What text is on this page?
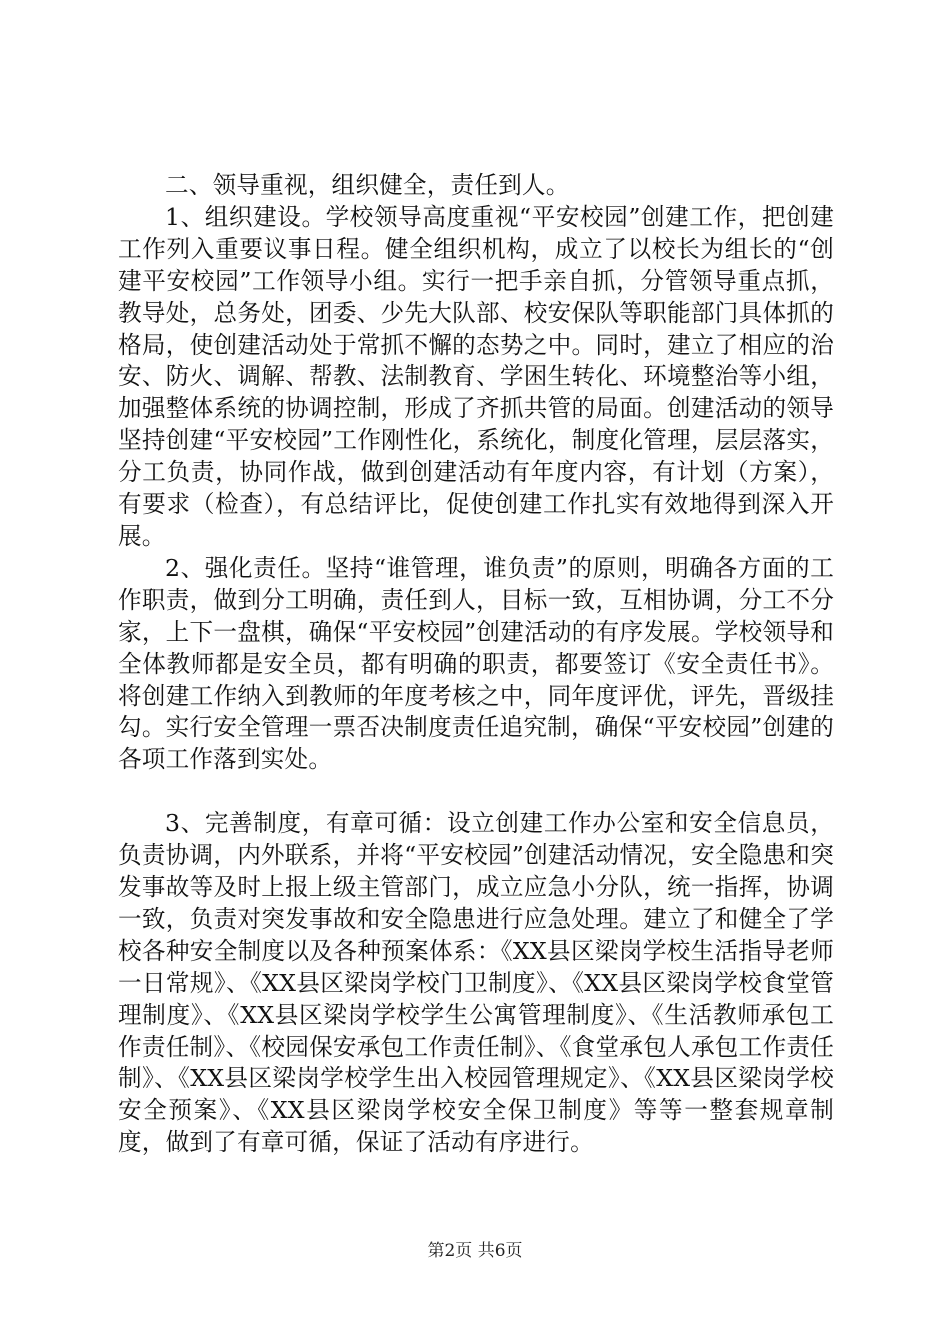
二、领导重视，组织健全，责任到人。

1、组织建设。学校领导高度重视“平安校园”创建工作，把创建工作列入重要议事日程。健全组织机构，成立了以校长为组长的“创建平安校园”工作领导小组。实行一把手亲自抓，分管领导重点抓，教导处，总务处，团委、少先大队部、校安保队等职能部门具体抓的格局，使创建活动处于常抓不懈的态势之中。同时，建立了相应的治安、防火、调解、帮教、法制教育、学困生转化、环境整治等小组，加强整体系统的协调控制，形成了齐抓共管的局面。创建活动的领导坚持创建“平安校园”工作刚性化，系统化，制度化管理，层层落实，分工负责，协同作战，做到创建活动有年度内容，有计划（方案），有要求（检查），有总结评比，促使创建工作扎实有效地得到深入开展。

2、强化责任。坚持“谁管理，谁负责”的原则，明确各方面的工作职责，做到分工明确，责任到人，目标一致，互相协调，分工不分家，上下一盘棋，确保“平安校园”创建活动的有序发展。学校领导和全体教师都是安全员，都有明确的职责，都要签订《安全责任书》。将创建工作纳入到教师的年度考核之中，同年度评优，评先，晋级挂勾。实行安全管理一票否决制度责任追究制，确保“平安校园”创建的各项工作落到实处。

3、完善制度，有章可循：设立创建工作办公室和安全信息员，负责协调，内外联系，并将“平安校园”创建活动情况，安全隐患和突发事故等及时上报上级主管部门，成立应急小分队，统一指挥，协调一致，负责对突发事故和安全隐患进行应急处理。建立了和健全了学校各种安全制度以及各种预案体系：《XX县区梁岗学校生活指导老师一日常规》、《XX县区梁岗学校门卫制度》、《XX县区梁岗学校食堂管理制度》、《XX县区梁岗学校学生公寓管理制度》、《生活教师承包工作责任制》、《校园保安承包工作责任制》、《食堂承包人承包工作责任制》、《XX县区梁岗学校学生出入校园管理规定》、《XX县区梁岗学校安全预案》、《XX县区梁岗学校安全保卫制度》等等一整套规章制度，做到了有章可循，保证了活动有序进行。

第2页 共6页
